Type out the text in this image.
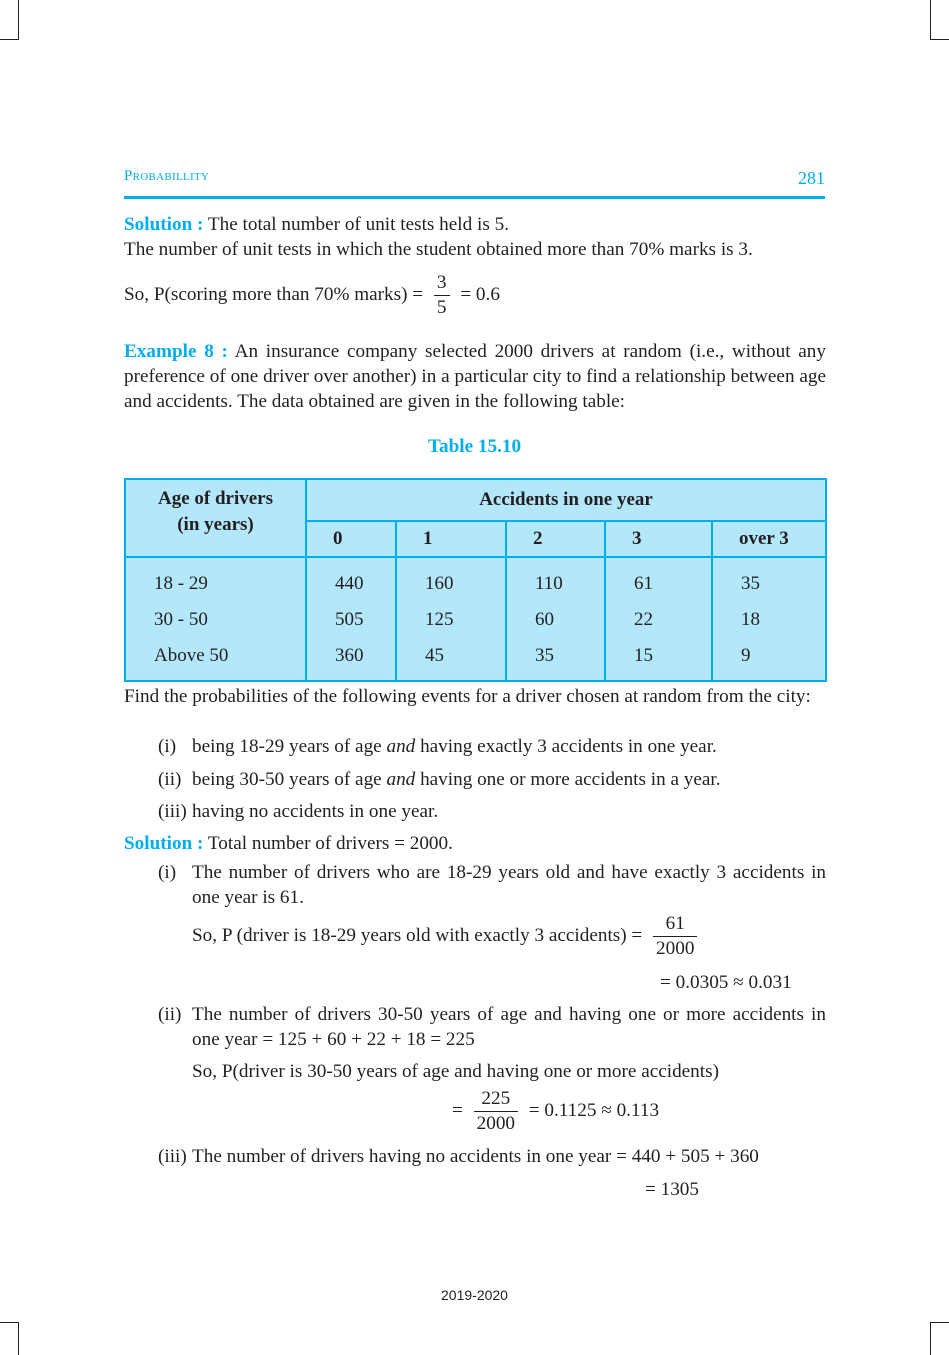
Probabillity	281
Solution : The total number of unit tests held is 5.
The number of unit tests in which the student obtained more than 70% marks is 3.
So, P(scoring more than 70% marks) = $\frac{3}{5} = 0.6$
Example 8 : An insurance company selected 2000 drivers at random (i.e., without any preference of one driver over another) in a particular city to find a relationship between age and accidents. The data obtained are given in the following table:
Table 15.10
Age of drivers
(in years)	Accidents in one year				
	0	1	2	3	over 3
18 - 29	440	160	110	61	35
30 - 50	505	125	60	22	18
Above 50	360	45	35	15	9
Find the probabilities of the following events for a driver chosen at random from the city:
(i) being 18-29 years of age and having exactly 3 accidents in one year.
(ii) being 30-50 years of age and having one or more accidents in a year.
(iii) having no accidents in one year.
Solution : Total number of drivers = 2000.
(i) The number of drivers who are 18-29 years old and have exactly 3 accidents in one year is 61.
So, P (driver is 18-29 years old with exactly 3 accidents) = $\frac{61}{2000}$
= 0.0305 ≈ 0.031
(ii) The number of drivers 30-50 years of age and having one or more accidents in one year = 125 + 60 + 22 + 18 = 225
So, P(driver is 30-50 years of age and having one or more accidents)
= $\frac{225}{2000} = 0.1125 \approx 0.113$
(iii) The number of drivers having no accidents in one year = 440 + 505 + 360
= 1305
2019-2020
